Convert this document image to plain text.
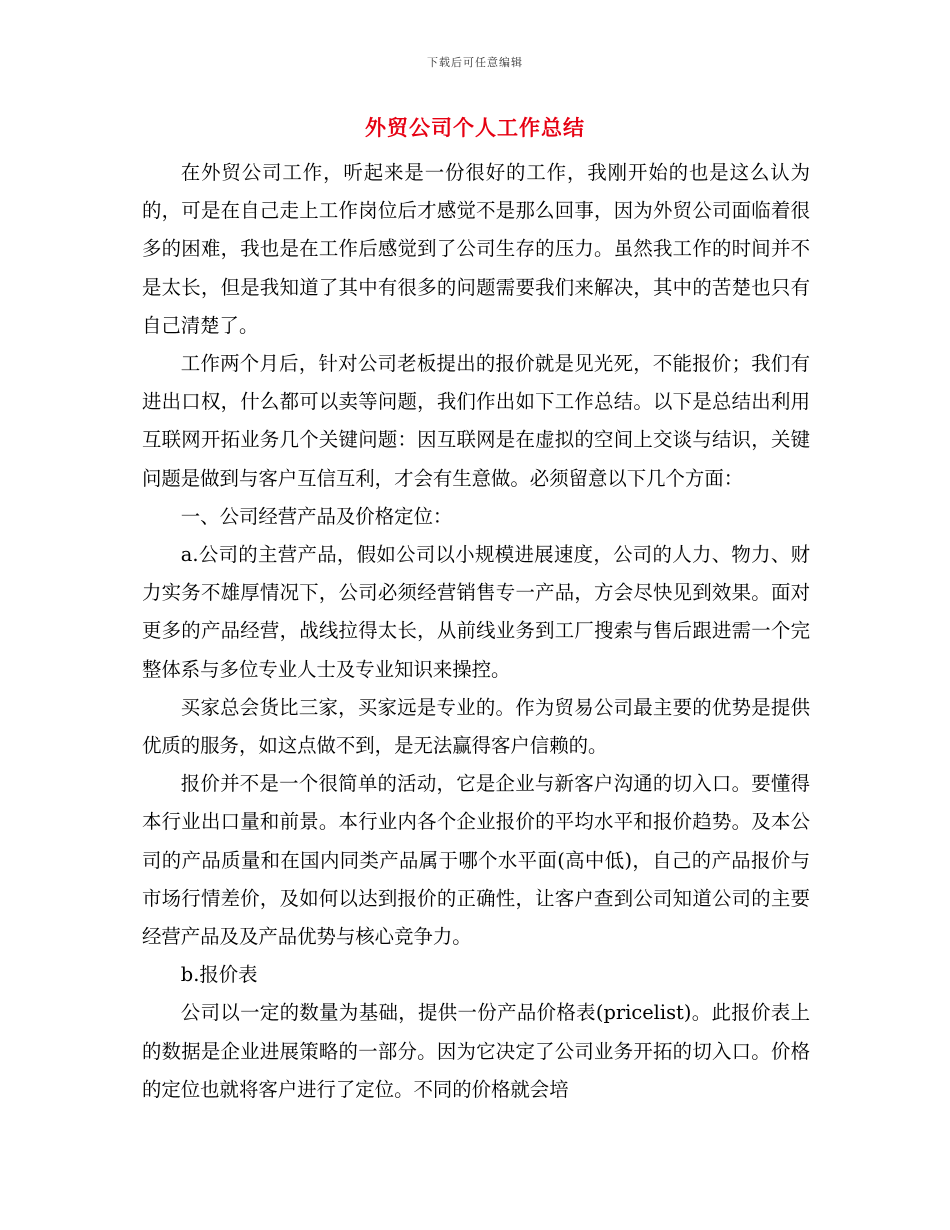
下载后可任意编辑
外贸公司个人工作总结

在外贸公司工作，听起来是一份很好的工作，我刚开始的也是这么认为的，可是在自己走上工作岗位后才感觉不是那么回事，因为外贸公司面临着很多的困难，我也是在工作后感觉到了公司生存的压力。虽然我工作的时间并不是太长，但是我知道了其中有很多的问题需要我们来解决，其中的苦楚也只有自己清楚了。

工作两个月后，针对公司老板提出的报价就是见光死，不能报价；我们有进出口权，什么都可以卖等问题，我们作出如下工作总结。以下是总结出利用互联网开拓业务几个关键问题：因互联网是在虚拟的空间上交谈与结识，关键问题是做到与客户互信互利，才会有生意做。必须留意以下几个方面：

一、公司经营产品及价格定位：

a.公司的主营产品，假如公司以小规模进展速度，公司的人力、物力、财力实务不雄厚情况下，公司必须经营销售专一产品，方会尽快见到效果。面对更多的产品经营，战线拉得太长，从前线业务到工厂搜索与售后跟进需一个完整体系与多位专业人士及专业知识来操控。

买家总会货比三家，买家远是专业的。作为贸易公司最主要的优势是提供优质的服务，如这点做不到，是无法赢得客户信赖的。

报价并不是一个很简单的活动，它是企业与新客户沟通的切入口。要懂得本行业出口量和前景。本行业内各个企业报价的平均水平和报价趋势。及本公司的产品质量和在国内同类产品属于哪个水平面(高中低)，自己的产品报价与市场行情差价，及如何以达到报价的正确性，让客户查到公司知道公司的主要经营产品及及产品优势与核心竞争力。

b.报价表

公司以一定的数量为基础，提供一份产品价格表(pricelist)。此报价表上的数据是企业进展策略的一部分。因为它决定了公司业务开拓的切入口。价格的定位也就将客户进行了定位。不同的价格就会培
